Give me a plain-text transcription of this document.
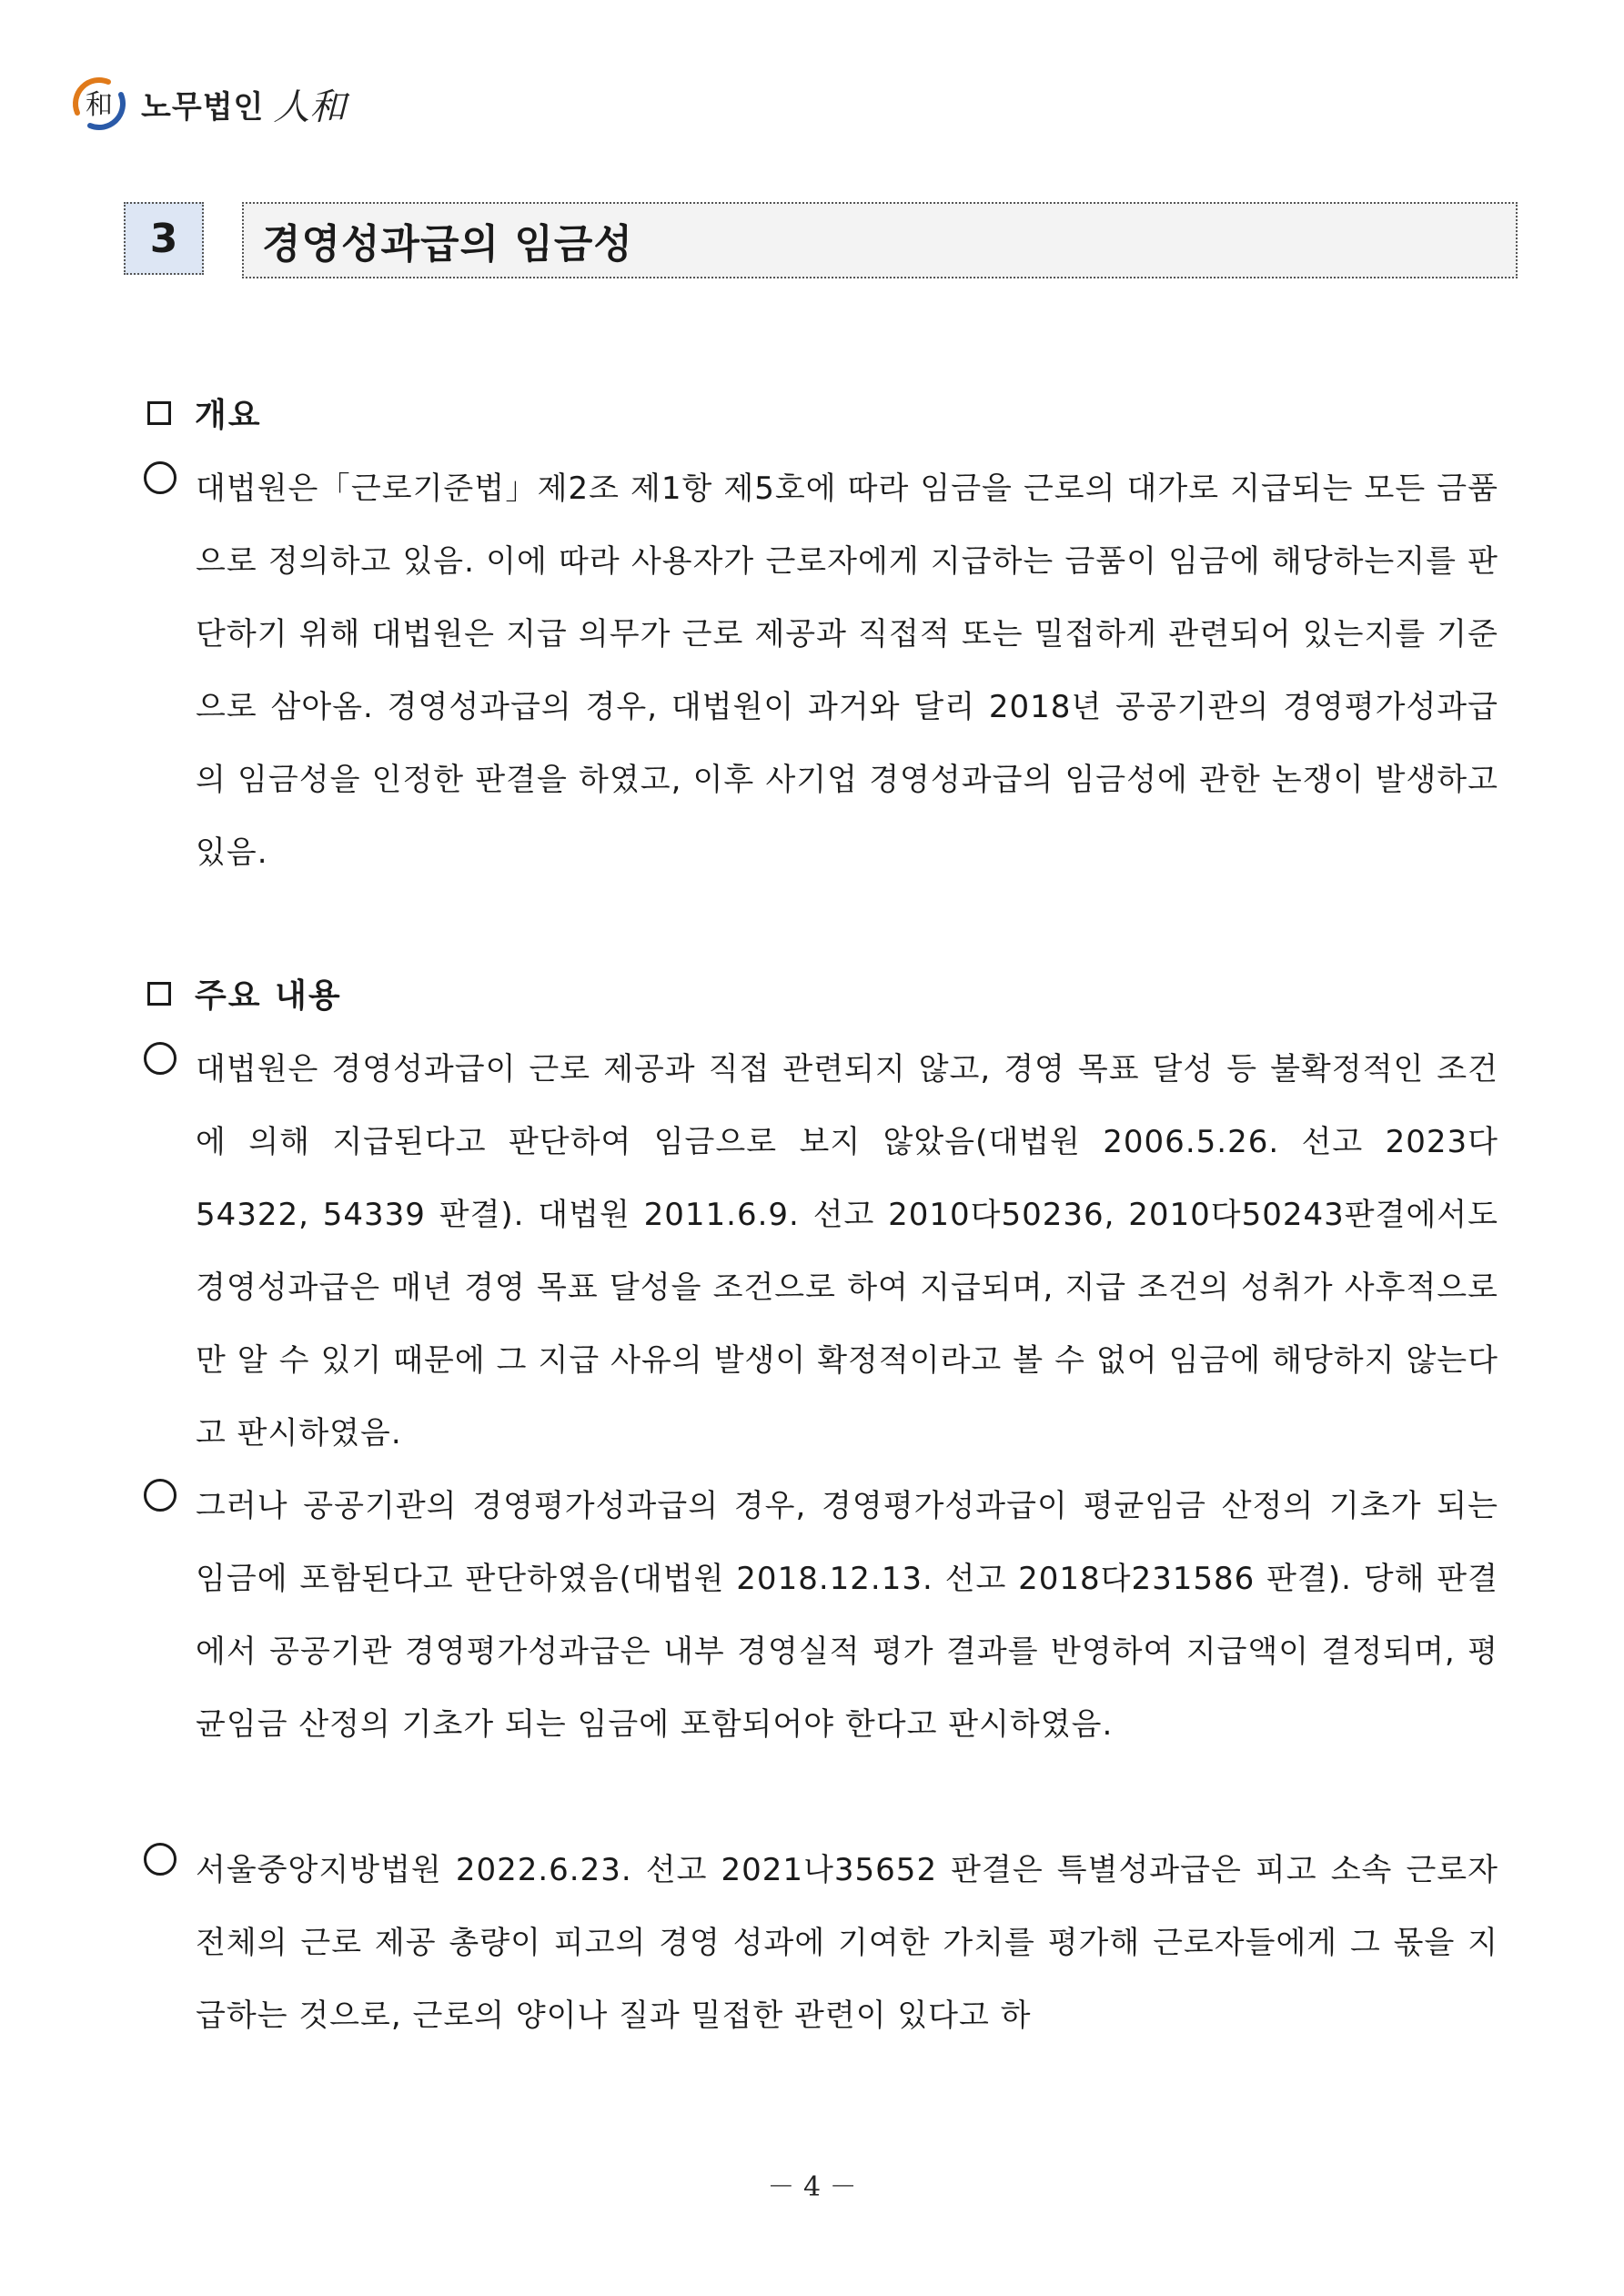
和 노무법인 人和
3	경영성과급의 임금성
개요
대법원은「근로기준법」제2조 제1항 제5호에 따라 임금을 근로의 대가로 지급되는 모든 금품으로 정의하고 있음. 이에 따라 사용자가 근로자에게 지급하는 금품이 임금에 해당하는지를 판단하기 위해 대법원은 지급 의무가 근로 제공과 직접적 또는 밀접하게 관련되어 있는지를 기준으로 삼아옴. 경영성과급의 경우, 대법원이 과거와 달리 2018년 공공기관의 경영평가성과급의 임금성을 인정한 판결을 하였고, 이후 사기업 경영성과급의 임금성에 관한 논쟁이 발생하고 있음.
주요 내용
대법원은 경영성과급이 근로 제공과 직접 관련되지 않고, 경영 목표 달성 등 불확정적인 조건에 의해 지급된다고 판단하여 임금으로 보지 않았음(대법원 2006.5.26. 선고 2023다54322, 54339 판결). 대법원 2011.6.9. 선고 2010다50236, 2010다50243판결에서도 경영성과급은 매년 경영 목표 달성을 조건으로 하여 지급되며, 지급 조건의 성취가 사후적으로만 알 수 있기 때문에 그 지급 사유의 발생이 확정적이라고 볼 수 없어 임금에 해당하지 않는다고 판시하였음.
그러나 공공기관의 경영평가성과급의 경우, 경영평가성과급이 평균임금 산정의 기초가 되는 임금에 포함된다고 판단하였음(대법원 2018.12.13. 선고 2018다231586 판결). 당해 판결에서 공공기관 경영평가성과급은 내부 경영실적 평가 결과를 반영하여 지급액이 결정되며, 평균임금 산정의 기초가 되는 임금에 포함되어야 한다고 판시하였음.
서울중앙지방법원 2022.6.23. 선고 2021나35652 판결은 특별성과급은 피고 소속 근로자 전체의 근로 제공 총량이 피고의 경영 성과에 기여한 가치를 평가해 근로자들에게 그 몫을 지급하는 것으로, 근로의 양이나 질과 밀접한 관련이 있다고 하
－ 4 －
